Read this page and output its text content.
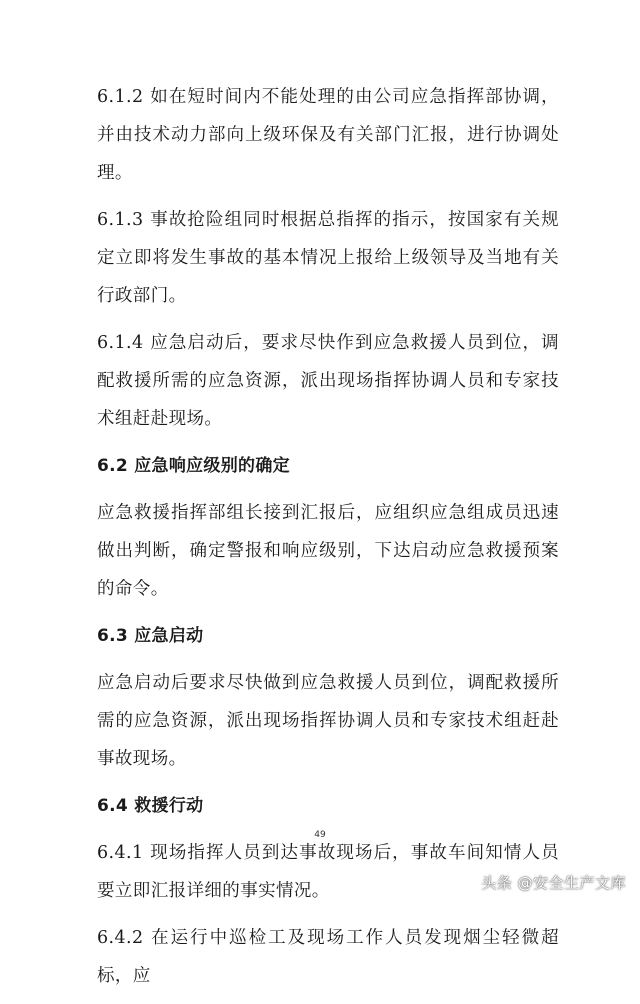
6.1.2 如在短时间内不能处理的由公司应急指挥部协调，并由技术动力部向上级环保及有关部门汇报，进行协调处理。

6.1.3 事故抢险组同时根据总指挥的指示，按国家有关规定立即将发生事故的基本情况上报给上级领导及当地有关行政部门。

6.1.4 应急启动后，要求尽快作到应急救援人员到位，调配救援所需的应急资源，派出现场指挥协调人员和专家技术组赶赴现场。

6.2 应急响应级别的确定

应急救援指挥部组长接到汇报后，应组织应急组成员迅速做出判断，确定警报和响应级别，下达启动应急救援预案的命令。

6.3 应急启动

应急启动后要求尽快做到应急救援人员到位，调配救援所需的应急资源，派出现场指挥协调人员和专家技术组赶赴事故现场。

6.4 救援行动

6.4.1 现场指挥人员到达事故现场后，事故车间知情人员要立即汇报详细的事实情况。

6.4.2 在运行中巡检工及现场工作人员发现烟尘轻微超标，应

49
头条 @安全生产文库
